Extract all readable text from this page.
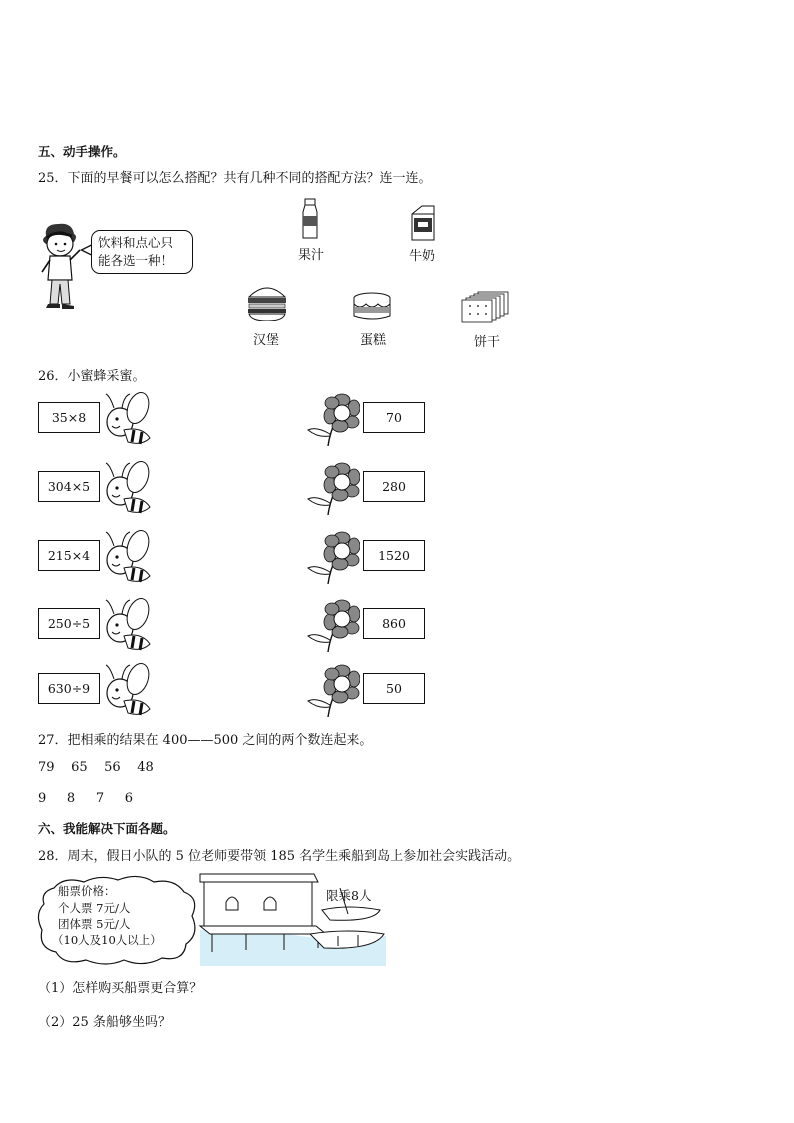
五、动手操作。
25．下面的早餐可以怎么搭配？共有几种不同的搭配方法？连一连。
饮料和点心只
能各选一种！	果汁	牛奶
汉堡	蛋糕	饼干
26．小蜜蜂采蜜。
35×8	70
304×5	280
215×4	1520
250÷5	860
630÷9	50
27．把相乘的结果在 400——500 之间的两个数连起来。
79    65    56    48
9     8     7     6
六、我能解决下面各题。
28．周末，假日小队的 5 位老师要带领 185 名学生乘船到岛上参加社会实践活动。
船票价格：
个人票 7元/人
团体票 5元/人
（10人及10人以上）
限乘8人
（1）怎样购买船票更合算？
（2）25 条船够坐吗？
